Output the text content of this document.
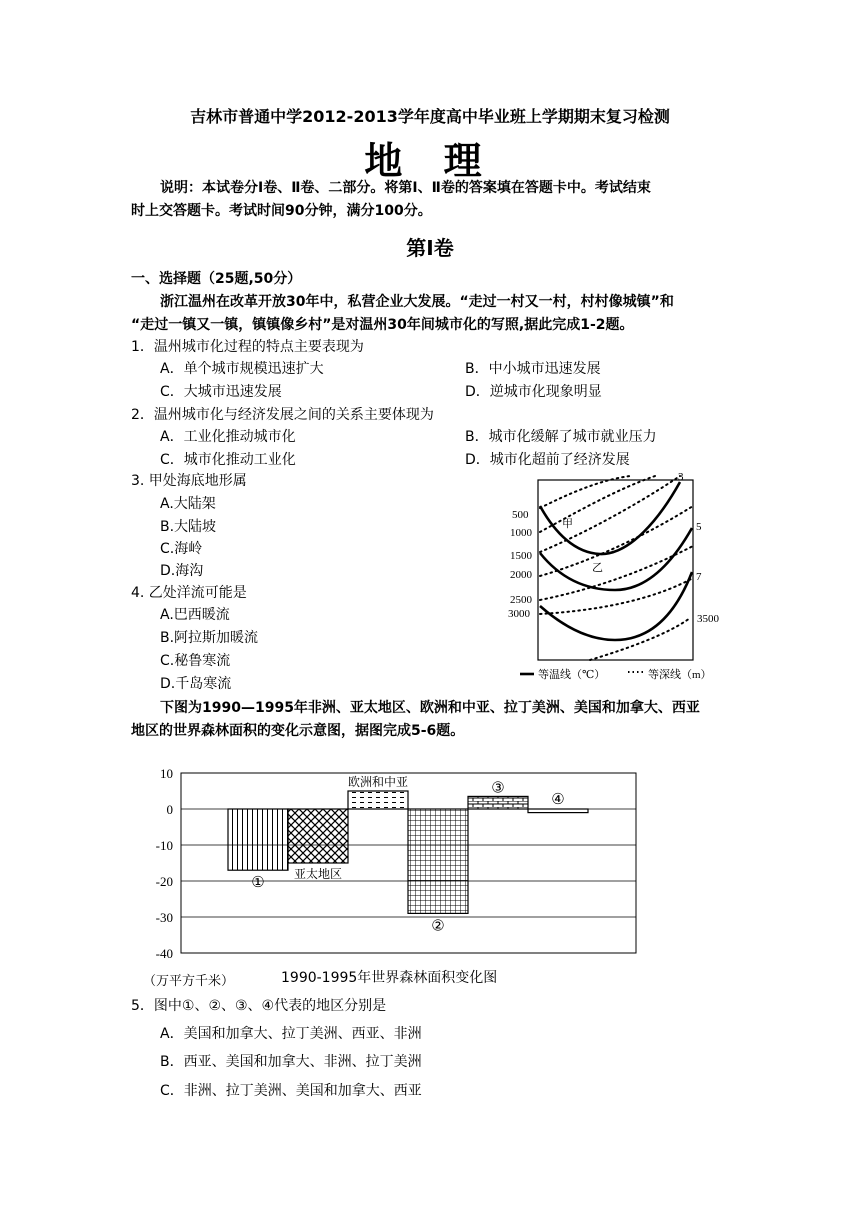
吉林市普通中学2012-2013学年度高中毕业班上学期期末复习检测
地 理
说明：本试卷分Ⅰ卷、Ⅱ卷、二部分。将第Ⅰ、Ⅱ卷的答案填在答题卡中。考试结束
时上交答题卡。考试时间90分钟，满分100分。
第Ⅰ卷
一、选择题（25题,50分）
浙江温州在改革开放30年中，私营企业大发展。“走过一村又一村，村村像城镇”和
“走过一镇又一镇，镇镇像乡村”是对温州30年间城市化的写照,据此完成1-2题。
1．温州城市化过程的特点主要表现为
A．单个城市规模迅速扩大	B．中小城市迅速发展
C．大城市迅速发展	D．逆城市化现象明显
2．温州城市化与经济发展之间的关系主要体现为
A．工业化推动城市化	B．城市化缓解了城市就业压力
C．城市化推动工业化	D．城市化超前了经济发展
3. 甲处海底地形属
A.大陆架
B.大陆坡
C.海岭
D.海沟
4. 乙处洋流可能是
A.巴西暖流
B.阿拉斯加暖流
C.秘鲁寒流
D.千岛寒流
500
1000
1500
2000
2500
3000	3500
3
5
7
甲
乙
等温线（℃）	等深线（m）
下图为1990—1995年非洲、亚太地区、欧洲和中亚、拉丁美洲、美国和加拿大、西亚
地区的世界森林面积的变化示意图，据图完成5-6题。
10
0
-10
-20
-30
-40
①
亚太地区
欧洲和中亚
②
③
④
（万平方千米）	1990-1995年世界森林面积变化图
5．图中①、②、③、④代表的地区分别是
A．美国和加拿大、拉丁美洲、西亚、非洲
B．西亚、美国和加拿大、非洲、拉丁美洲
C．非洲、拉丁美洲、美国和加拿大、西亚
